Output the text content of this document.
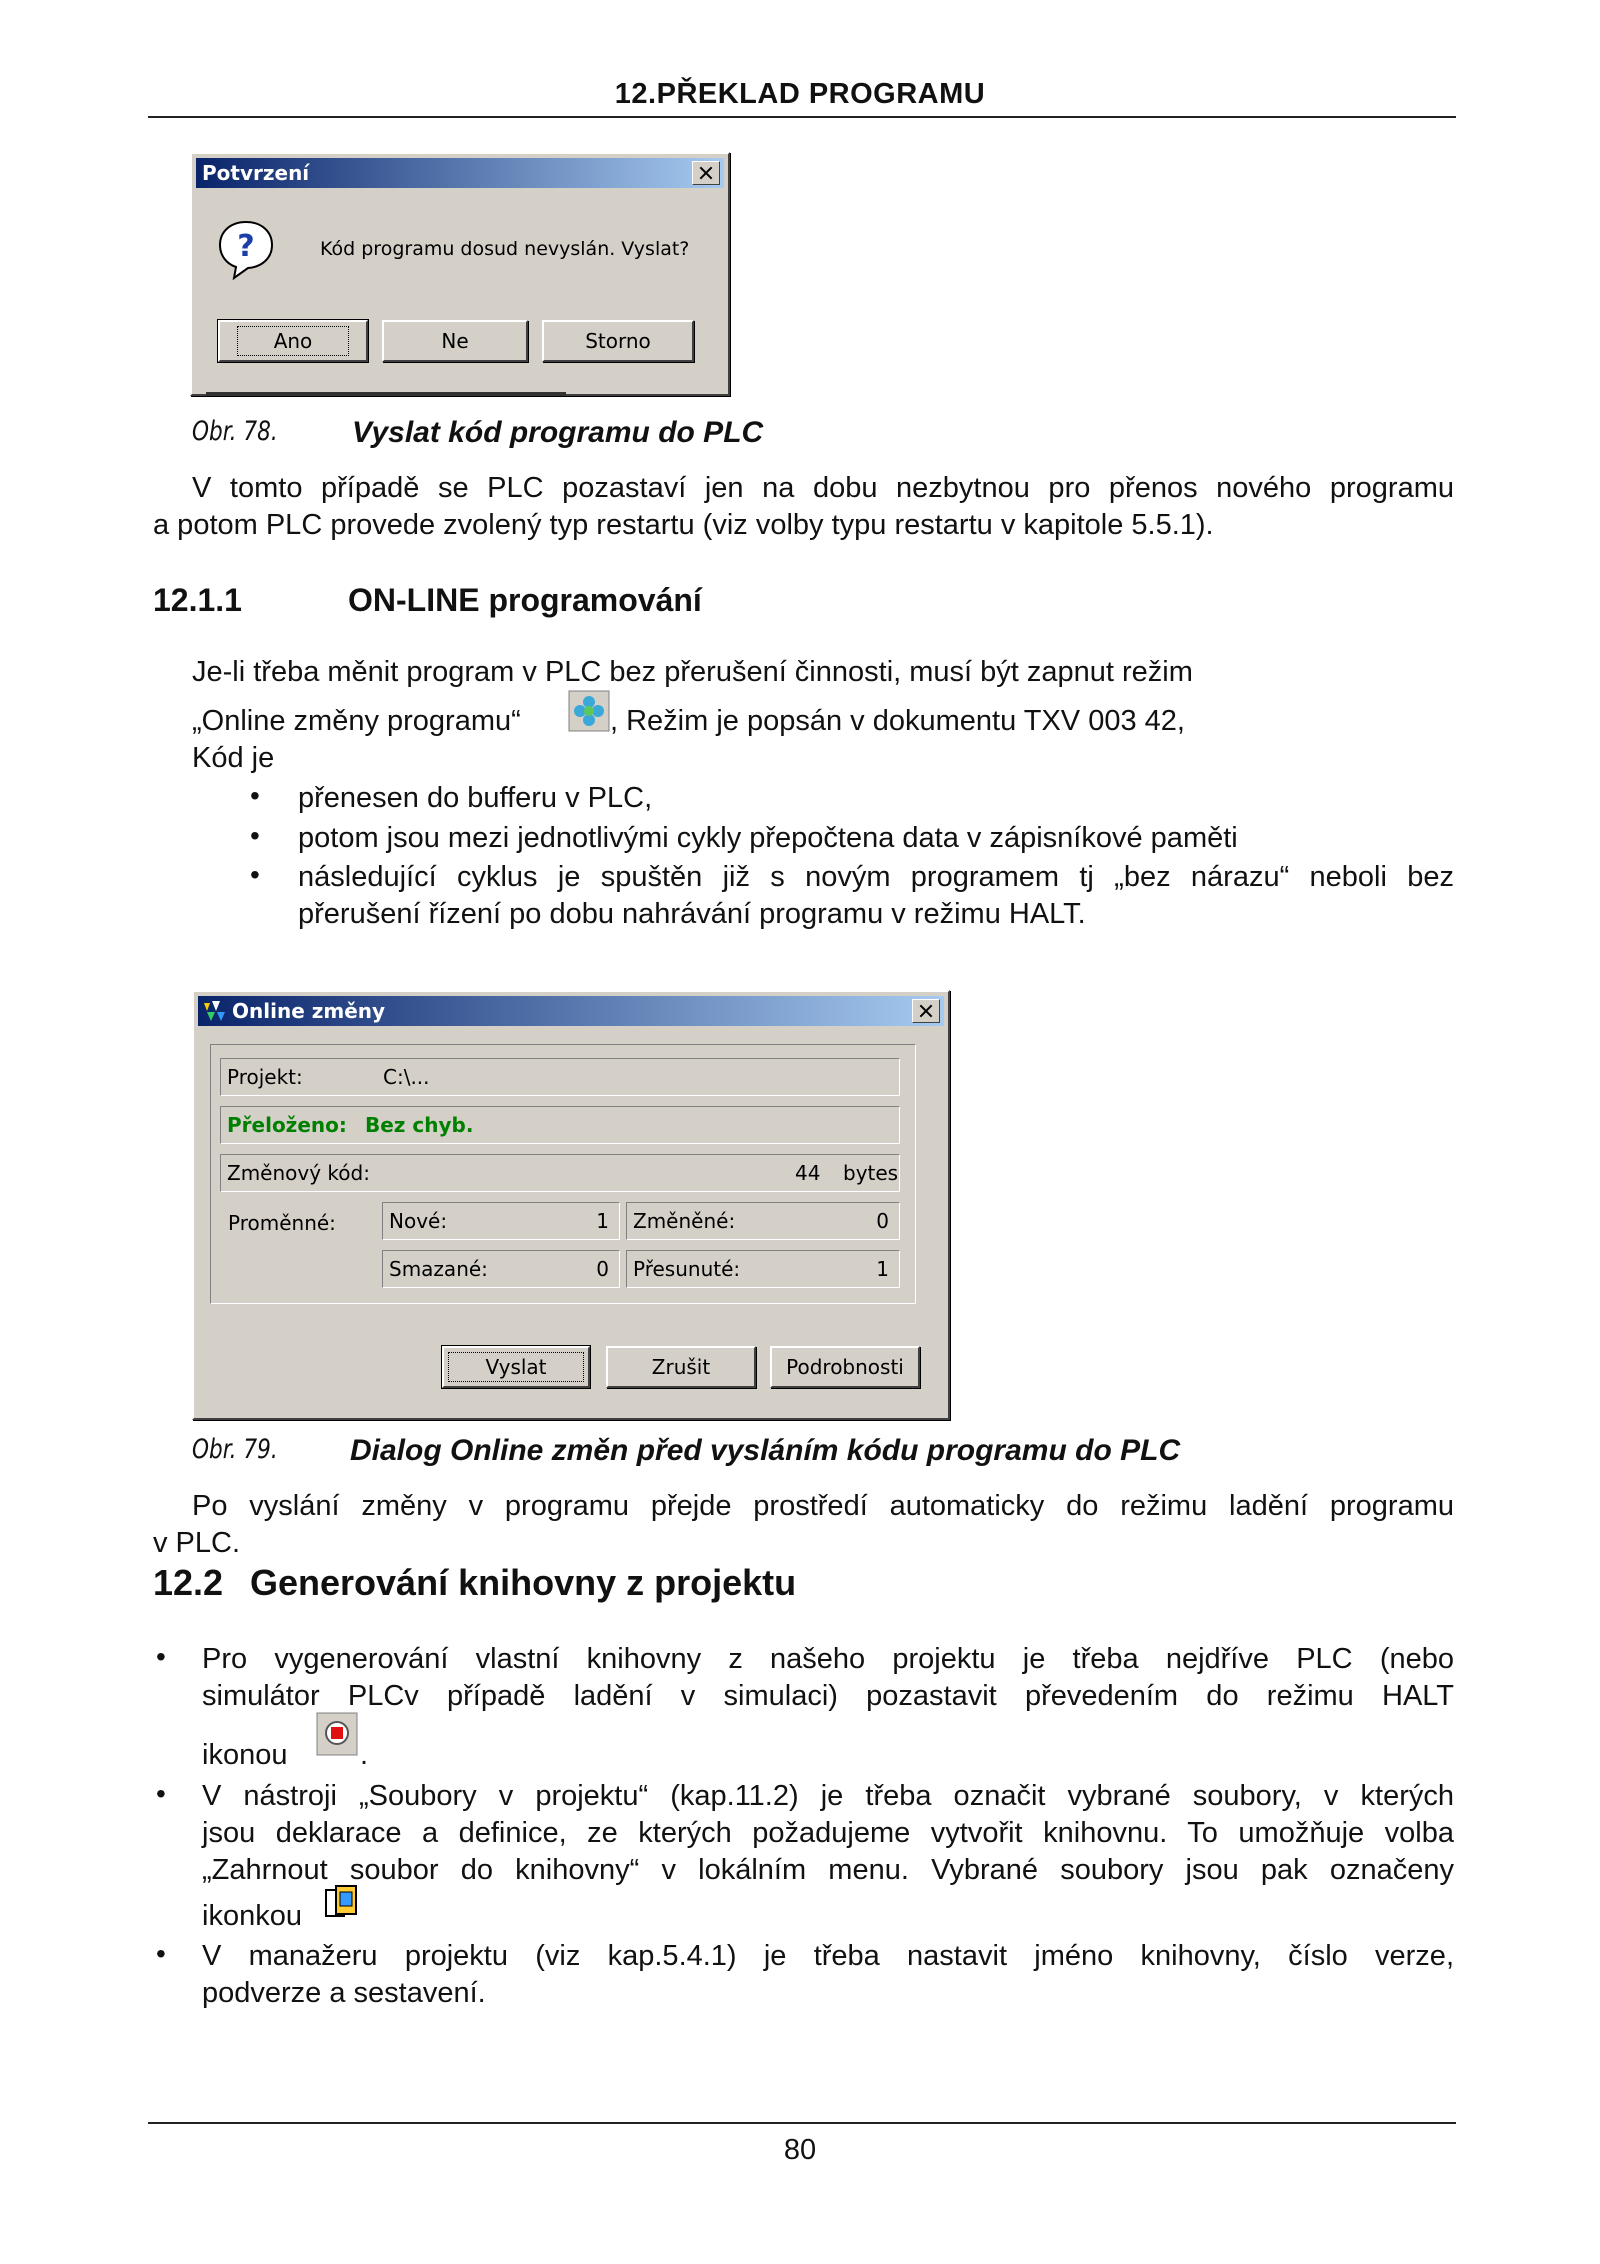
12.PŘEKLAD PROGRAMU
Potvrzení
?	Kód programu dosud nevyslán. Vyslat?
Ano	Ne	Storno
Obr. 78. Vyslat kód programu do PLC
V tomto případě se PLC pozastaví jen na dobu nezbytnou pro přenos nového programu
a potom PLC provede zvolený typ restartu (viz volby typu restartu v kapitole 5.5.1).
12.1.1	ON-LINE programování
Je-li třeba měnit program v PLC bez přerušení činnosti, musí být zapnut režim
„Online změny programu“	, Režim je popsán v dokumentu TXV 003 42,
Kód je
• přenesen do bufferu v PLC,
• potom jsou mezi jednotlivými cykly přepočtena data v zápisníkové paměti
• následující cyklus je spuštěn již s novým programem tj „bez nárazu“ neboli bez
přerušení řízení po dobu nahrávání programu v režimu HALT.
Online změny
Projekt:	C:\...
Přeloženo: Bez chyb.
Změnový kód:	44 bytes
Proměnné:	Nové:	1	Změněné:	0
Smazané:	0	Přesunuté:	1
Vyslat	Zrušit	Podrobnosti
Obr. 79. Dialog Online změn před vysláním kódu programu do PLC
Po vyslání změny v programu přejde prostředí automaticky do režimu ladění programu
v PLC.
12.2 Generování knihovny z projektu
• Pro vygenerování vlastní knihovny z našeho projektu je třeba nejdříve PLC (nebo
simulátor PLCv případě ladění v simulaci) pozastavit převedením do režimu HALT
ikonou	.
• V nástroji „Soubory v projektu“ (kap.11.2) je třeba označit vybrané soubory, v kterých
jsou deklarace a definice, ze kterých požadujeme vytvořit knihovnu. To umožňuje volba
„Zahrnout soubor do knihovny“ v lokálním menu. Vybrané soubory jsou pak označeny
ikonkou
• V manažeru projektu (viz kap.5.4.1) je třeba nastavit jméno knihovny, číslo verze,
podverze a sestavení.
80
